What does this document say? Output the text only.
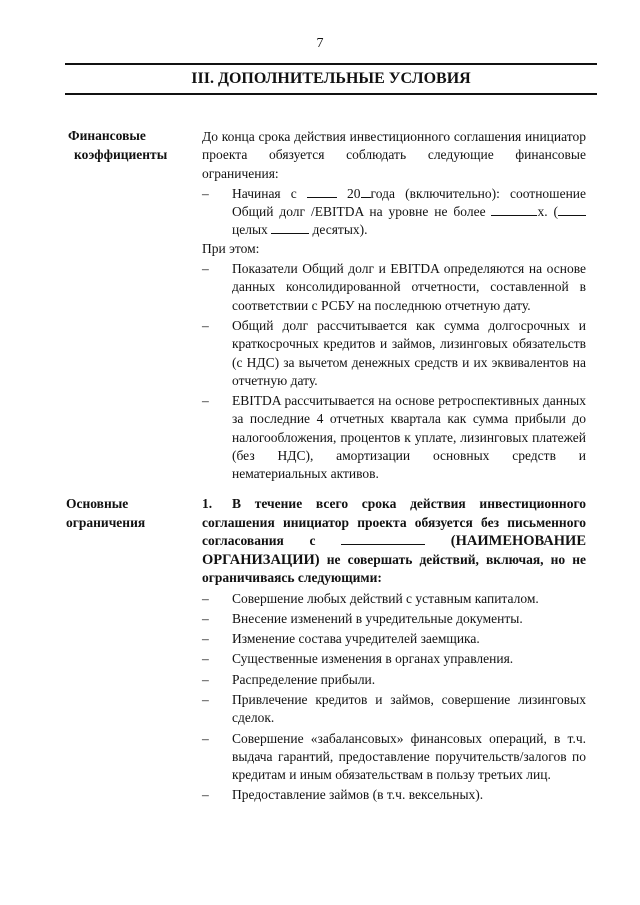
7
III. ДОПОЛНИТЕЛЬНЫЕ УСЛОВИЯ
Финансовые
коэффициенты

До конца срока действия инвестиционного соглашения инициатор проекта обязуется соблюдать следующие финансовые ограничения:

–	Начиная с	20 года (включительно): соотношение Общий долг /EBITDA на уровне не более	х. (целых	десятых).

При этом:

–	Показатели Общий долг и EBITDA определяются на основе данных консолидированной отчетности, составленной в соответствии с РСБУ на последнюю отчетную дату.
–	Общий долг рассчитывается как сумма долгосрочных и краткосрочных кредитов и займов, лизинговых обязательств (с НДС) за вычетом денежных средств и их эквивалентов на отчетную дату.
–	EBITDA рассчитывается на основе ретроспективных данных за последние 4 отчетных квартала как сумма прибыли до налогообложения, процентов к уплате, лизинговых платежей (без НДС), амортизации основных средств и нематериальных активов.
Основные
ограничения

1. В течение всего срока действия инвестиционного соглашения инициатор проекта обязуется без письменного согласования с	(НАИМЕНОВАНИЕ ОРГАНИЗАЦИИ) не совершать действий, включая, но не ограничиваясь следующими:

–	Совершение любых действий с уставным капиталом.
–	Внесение изменений в учредительные документы.
–	Изменение состава учредителей заемщика.
–	Существенные изменения в органах управления.
–	Распределение прибыли.
–	Привлечение кредитов и займов, совершение лизинговых сделок.
–	Совершение «забалансовых» финансовых операций, в т.ч. выдача гарантий, предоставление поручительств/залогов по кредитам и иным обязательствам в пользу третьих лиц.
–	Предоставление займов (в т.ч. вексельных).
